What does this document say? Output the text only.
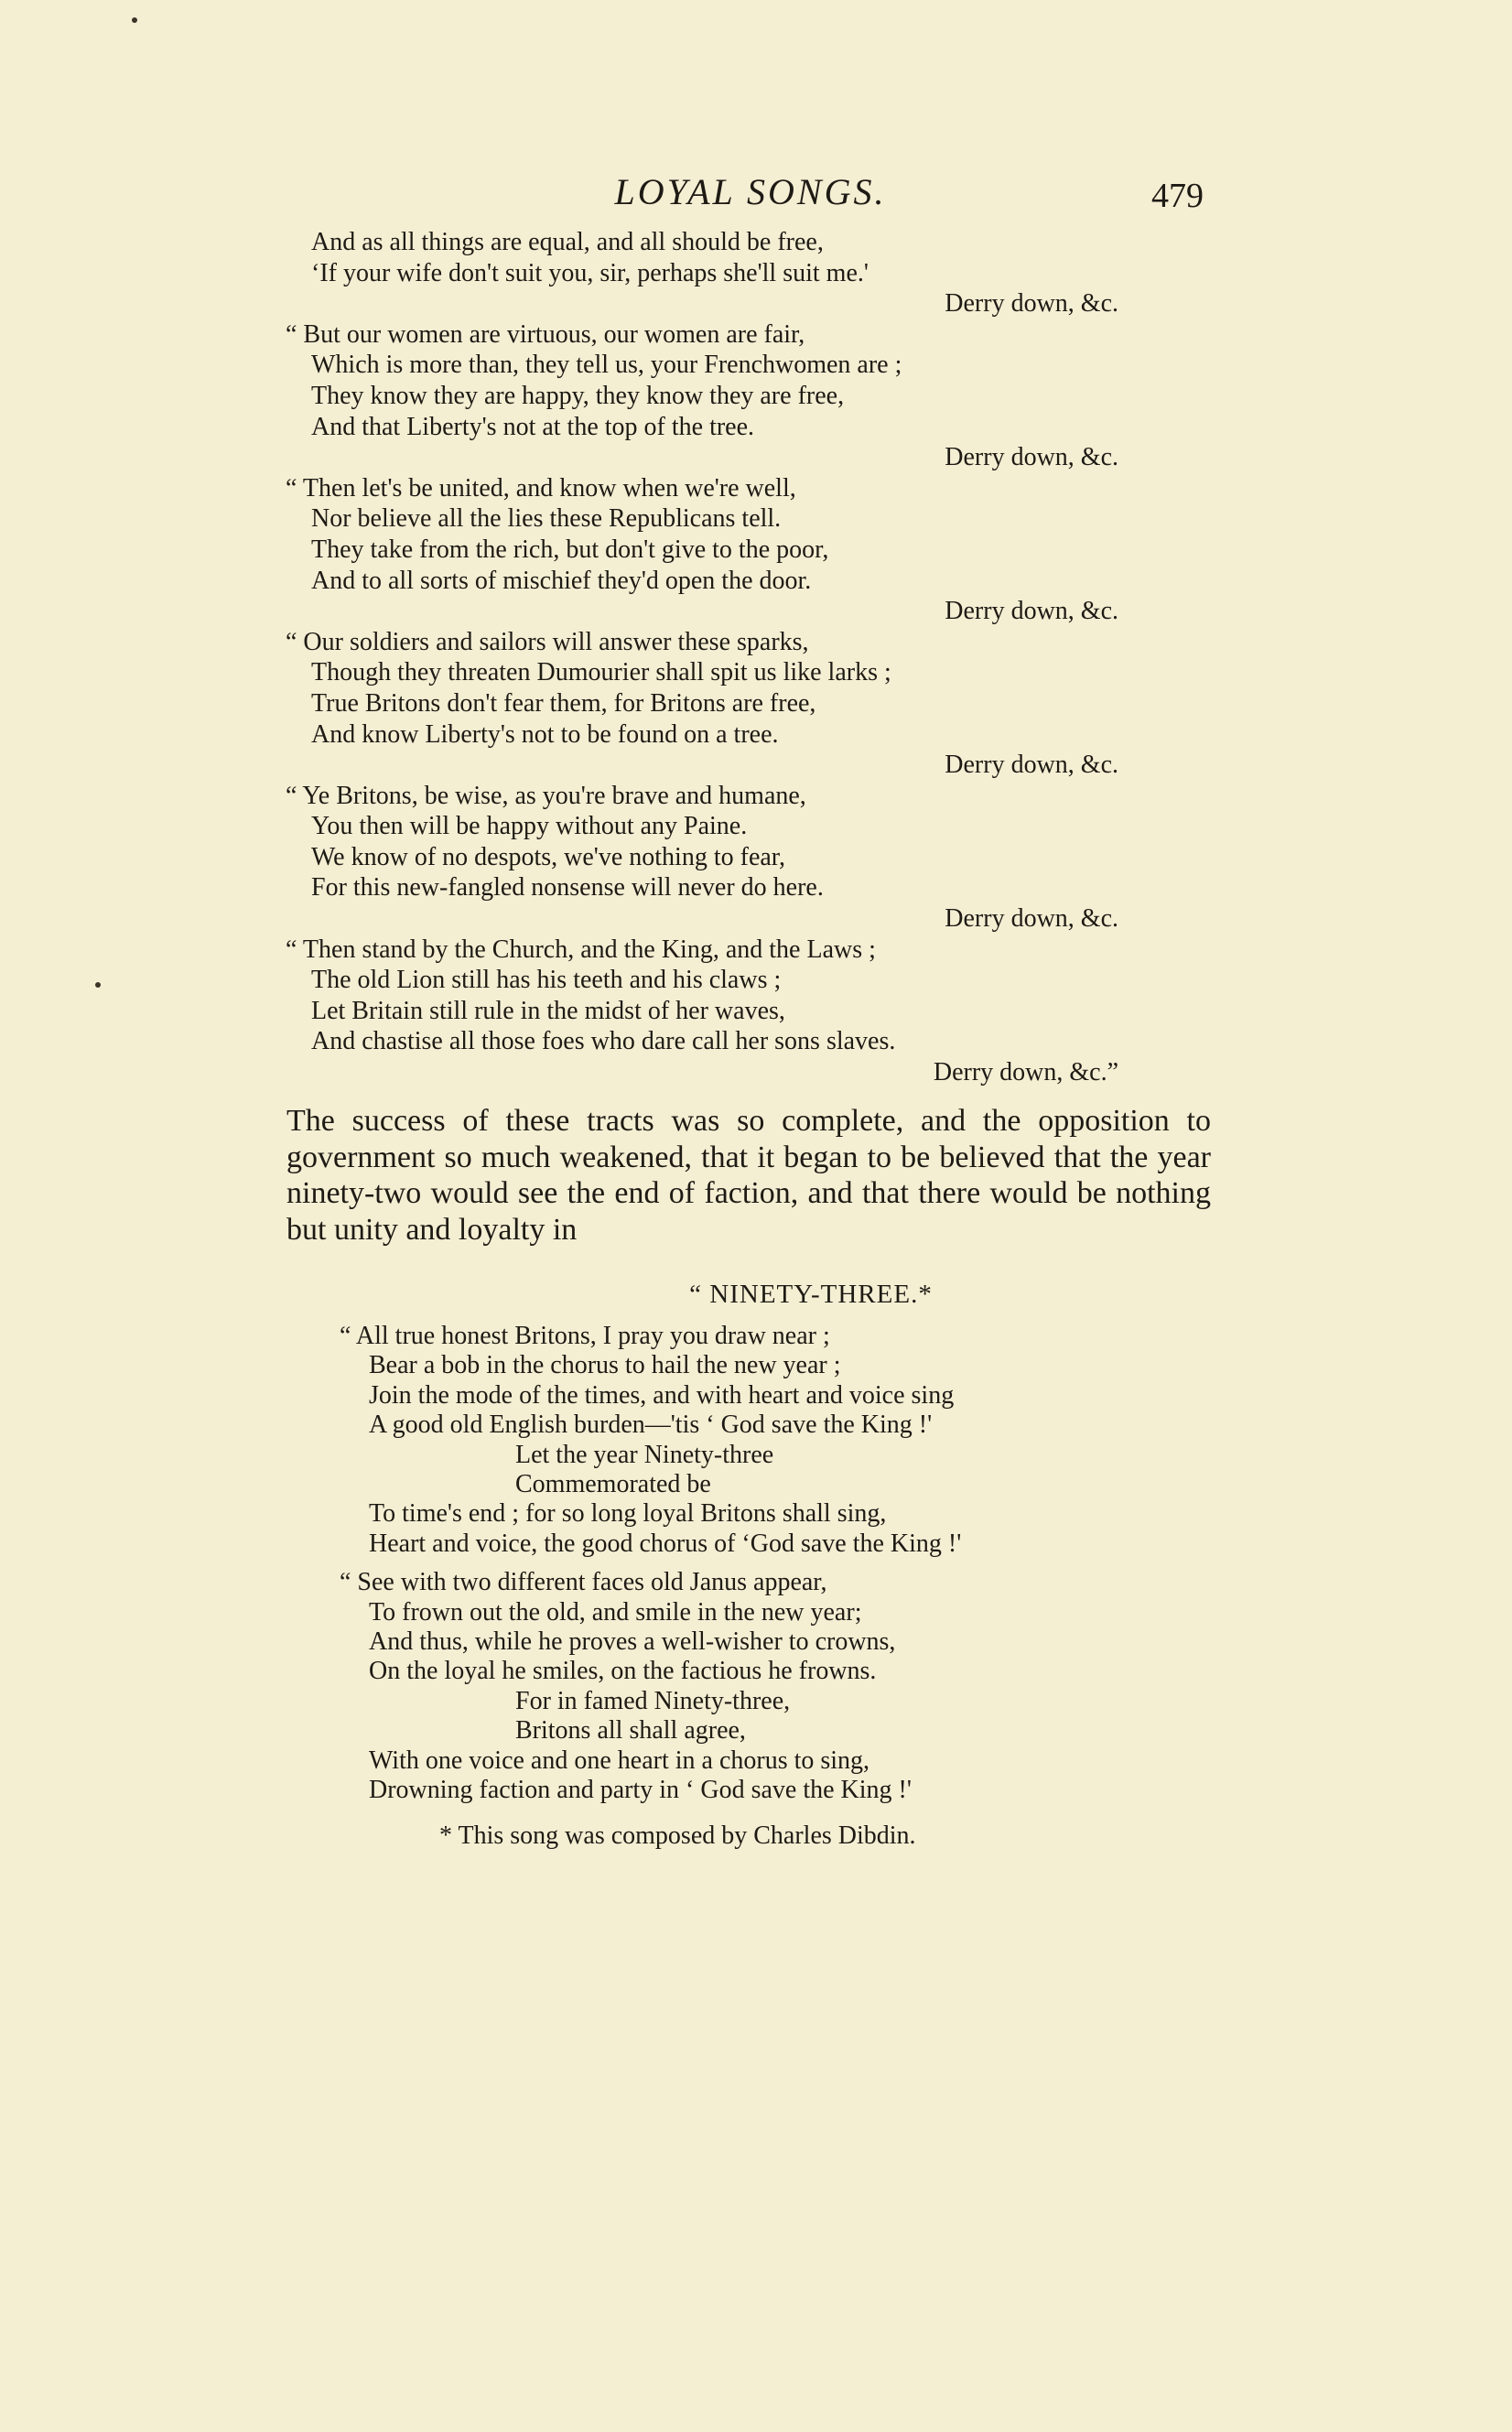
LOYAL SONGS.	479
And as all things are equal, and all should be free,
‘If your wife don't suit you, sir, perhaps she'll suit me.'
Derry down, &c.
“ But our women are virtuous, our women are fair,
Which is more than, they tell us, your Frenchwomen are ;
They know they are happy, they know they are free,
And that Liberty's not at the top of the tree.
Derry down, &c.
“ Then let's be united, and know when we're well,
Nor believe all the lies these Republicans tell.
They take from the rich, but don't give to the poor,
And to all sorts of mischief they'd open the door.
Derry down, &c.
“ Our soldiers and sailors will answer these sparks,
Though they threaten Dumourier shall spit us like larks ;
True Britons don't fear them, for Britons are free,
And know Liberty's not to be found on a tree.
Derry down, &c.
“ Ye Britons, be wise, as you're brave and humane,
You then will be happy without any Paine.
We know of no despots, we've nothing to fear,
For this new-fangled nonsense will never do here.
Derry down, &c.
“ Then stand by the Church, and the King, and the Laws ;
The old Lion still has his teeth and his claws ;
Let Britain still rule in the midst of her waves,
And chastise all those foes who dare call her sons slaves.
Derry down, &c.”
The success of these tracts was so complete, and the opposition to government so much weakened, that it began to be believed that the year ninety-two would see the end of faction, and that there would be nothing but unity and loyalty in
“ NINETY-THREE.*
“ All true honest Britons, I pray you draw near ;
Bear a bob in the chorus to hail the new year ;
Join the mode of the times, and with heart and voice sing
A good old English burden—'tis ‘ God save the King !'
Let the year Ninety-three
Commemorated be
To time's end ; for so long loyal Britons shall sing,
Heart and voice, the good chorus of ‘God save the King !'
“ See with two different faces old Janus appear,
To frown out the old, and smile in the new year;
And thus, while he proves a well-wisher to crowns,
On the loyal he smiles, on the factious he frowns.
For in famed Ninety-three,
Britons all shall agree,
With one voice and one heart in a chorus to sing,
Drowning faction and party in ‘ God save the King !'
* This song was composed by Charles Dibdin.
